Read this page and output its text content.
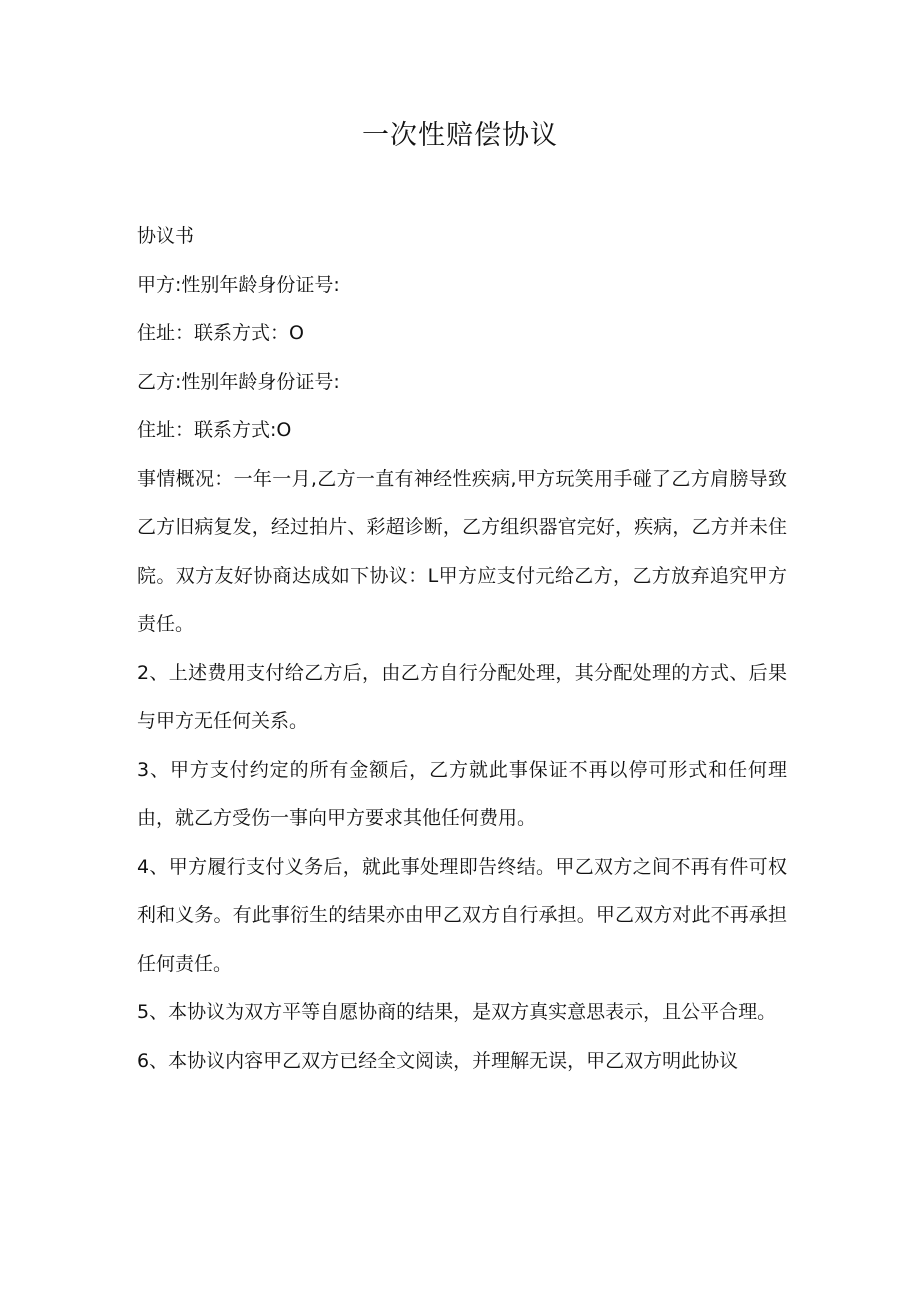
一次性赔偿协议

协议书

甲方:性别年龄身份证号:

住址：联系方式：O

乙方:性别年龄身份证号:

住址：联系方式:O

事情概况：一年一月,乙方一直有神经性疾病,甲方玩笑用手碰了乙方肩膀导致乙方旧病复发，经过拍片、彩超诊断，乙方组织器官完好，疾病，乙方并未住院。双方友好协商达成如下协议：L甲方应支付元给乙方，乙方放弃追究甲方责任。

2、上述费用支付给乙方后，由乙方自行分配处理，其分配处理的方式、后果与甲方无任何关系。

3、甲方支付约定的所有金额后，乙方就此事保证不再以停可形式和任何理由，就乙方受伤一事向甲方要求其他任何费用。

4、甲方履行支付义务后，就此事处理即告终结。甲乙双方之间不再有件可权利和义务。有此事衍生的结果亦由甲乙双方自行承担。甲乙双方对此不再承担任何责任。

5、本协议为双方平等自愿协商的结果，是双方真实意思表示，且公平合理。

6、本协议内容甲乙双方已经全文阅读，并理解无误，甲乙双方明此协议
